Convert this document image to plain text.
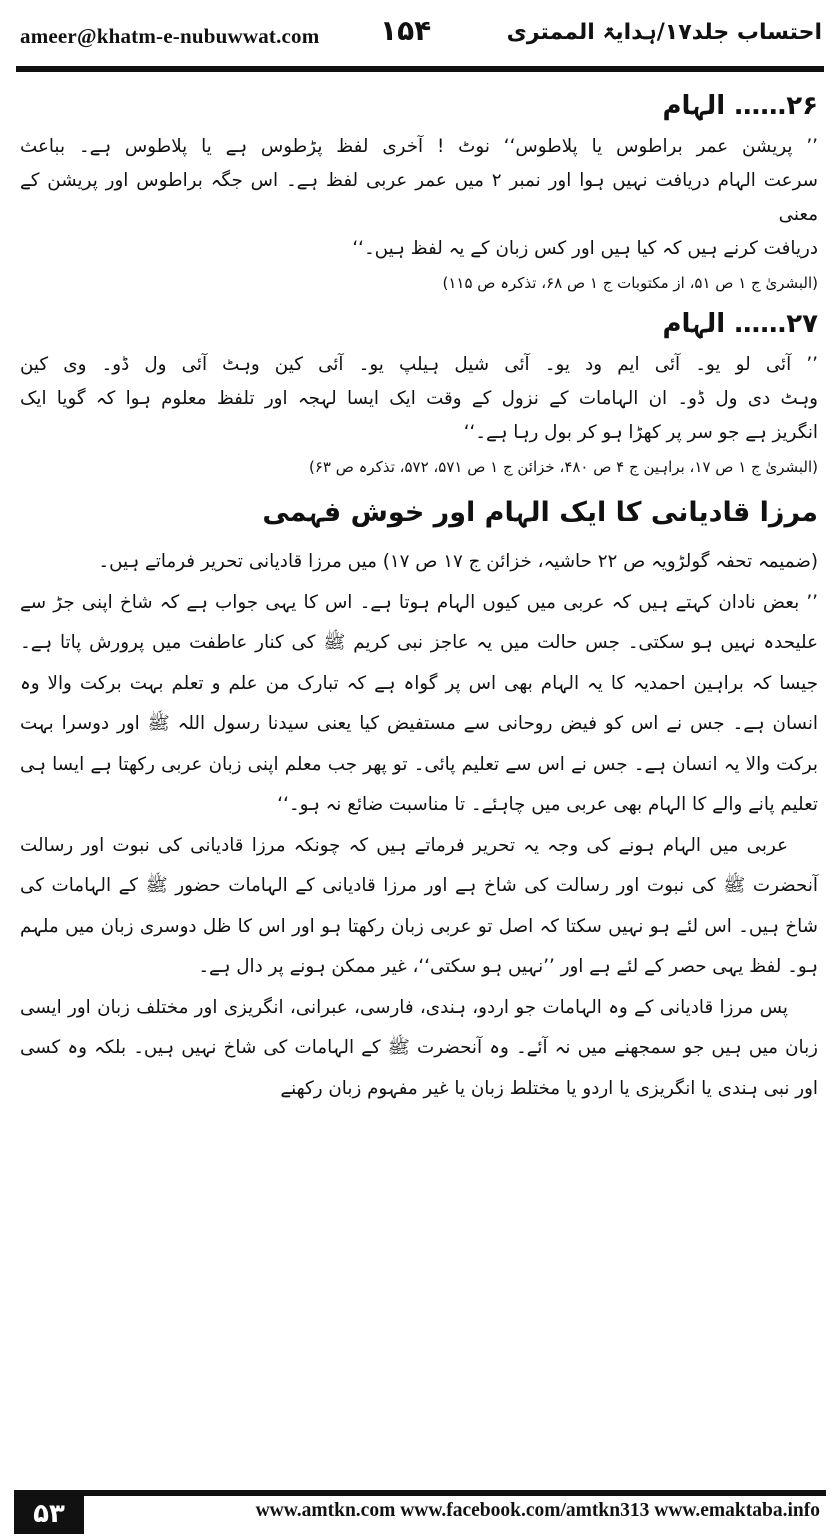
ameer@khatm-e-nubuwwat.com ۱۵۴	احتساب جلد۱۷/ہدایۃ الممتری
۲۶…… الہام

’’ پریشن عمر براطوس یا پلاطوس‘‘ نوٹ ! آخری لفظ پڑطوس ہے یا پلاطوس ہے۔ بباعث

سرعت الہام دریافت نہیں ہوا اور نمبر ۲ میں عمر عربی لفظ ہے۔ اس جگہ براطوس اور پریشن کے معنی

دریافت کرنے ہیں کہ کیا ہیں اور کس زبان کے یہ لفظ ہیں۔‘‘

(البشریٰ ج ۱ ص ۵۱، از مکتوبات ج ۱ ص ۶۸، تذکرہ ص ۱۱۵)
۲۷…… الہام

’’ آئی لو یو۔ آئی ایم ود یو۔ آئی شیل ہیلپ یو۔ آئی کین وہٹ آئی ول ڈو۔ وی کین

وہٹ دی ول ڈو۔ ان الہامات کے نزول کے وقت ایک ایسا لہجہ اور تلفظ معلوم ہوا کہ گویا ایک

انگریز ہے جو سر پر کھڑا ہو کر بول رہا ہے۔‘‘

(البشریٰ ج ۱ ص ۱۷، براہین ج ۴ ص ۴۸۰، خزائن ج ۱ ص ۵۷۱، ۵۷۲، تذکرہ ص ۶۳)
مرزا قادیانی کا ایک الہام اور خوش فہمی

(ضمیمہ تحفہ گولڑویہ ص ۲۲ حاشیہ، خزائن ج ۱۷ ص ۱۷) میں مرزا قادیانی تحریر فرماتے ہیں۔

’’ بعض نادان کہتے ہیں کہ عربی میں کیوں الہام ہوتا ہے۔ اس کا یہی جواب ہے کہ شاخ اپنی جڑ سے علیحدہ نہیں ہو سکتی۔ جس حالت میں یہ عاجز نبی کریم ﷺ کی کنار عاطفت میں پرورش پاتا ہے۔ جیسا کہ براہین احمدیہ کا یہ الہام بھی اس پر گواہ ہے کہ تبارک من علم و تعلم بہت برکت والا وہ انسان ہے۔ جس نے اس کو فیض روحانی سے مستفیض کیا یعنی سیدنا رسول اللہ ﷺ اور دوسرا بہت برکت والا یہ انسان ہے۔ جس نے اس سے تعلیم پائی۔ تو پھر جب معلم اپنی زبان عربی رکھتا ہے ایسا ہی تعلیم پانے والے کا الہام بھی عربی میں چاہئے۔ تا مناسبت ضائع نہ ہو۔‘‘

عربی میں الہام ہونے کی وجہ یہ تحریر فرماتے ہیں کہ چونکہ مرزا قادیانی کی نبوت اور رسالت آنحضرت ﷺ کی نبوت اور رسالت کی شاخ ہے اور مرزا قادیانی کے الہامات حضور ﷺ کے الہامات کی شاخ ہیں۔ اس لئے ہو نہیں سکتا کہ اصل تو عربی زبان رکھتا ہو اور اس کا ظل دوسری زبان میں ملہم ہو۔ لفظ یہی حصر کے لئے ہے اور ’’نہیں ہو سکتی‘‘، غیر ممکن ہونے پر دال ہے۔

پس مرزا قادیانی کے وہ الہامات جو اردو، ہندی، فارسی، عبرانی، انگریزی اور مختلف زبان اور ایسی زبان میں ہیں جو سمجھنے میں نہ آئے۔ وہ آنحضرت ﷺ کے الہامات کی شاخ نہیں ہیں۔ بلکہ وہ کسی اور نبی ہندی یا انگریزی یا اردو یا مختلط زبان یا غیر مفہوم زبان رکھنے

۵۳	www.amtkn.com www.facebook.com/amtkn313 www.emaktaba.info
